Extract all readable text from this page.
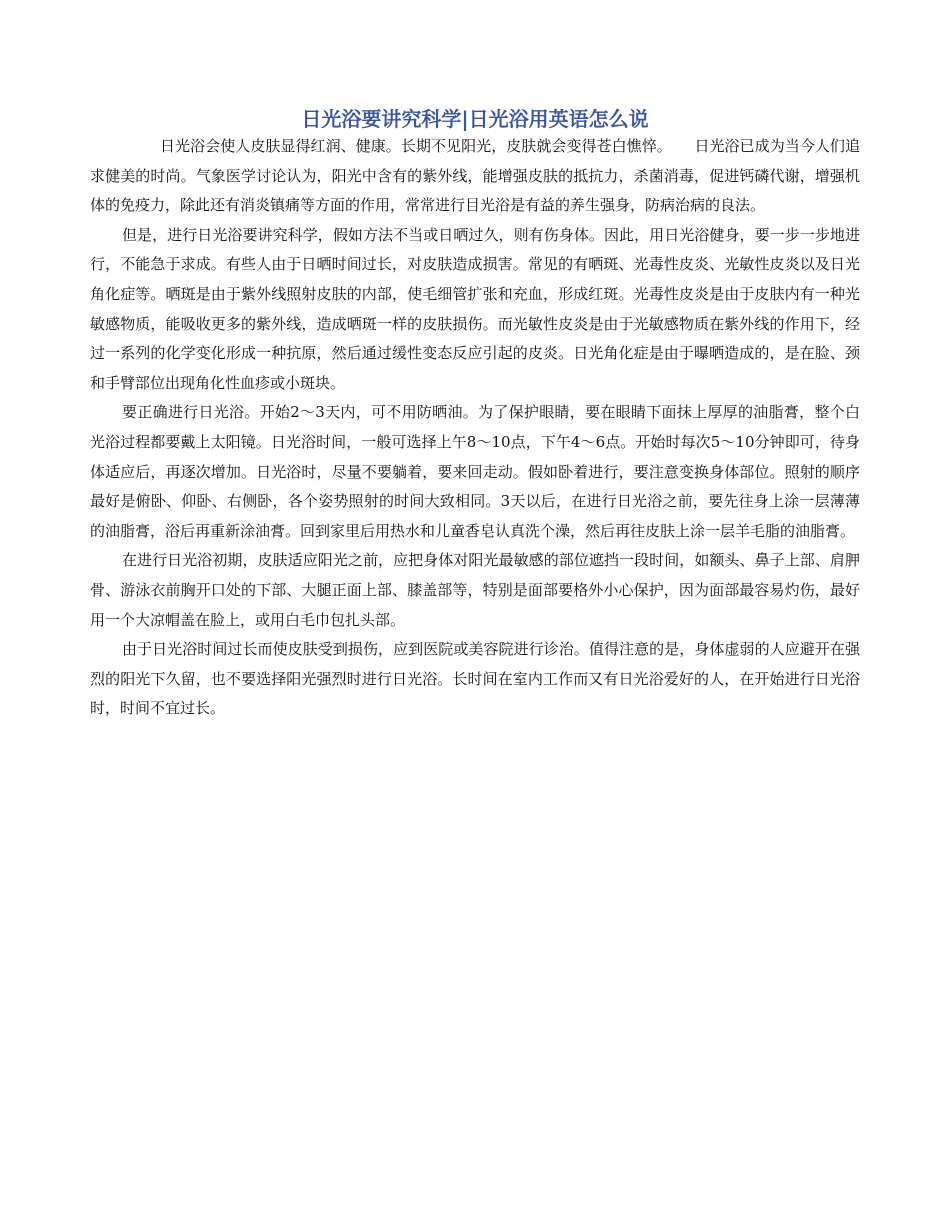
日光浴要讲究科学|日光浴用英语怎么说

日光浴会使人皮肤显得红润、健康。长期不见阳光，皮肤就会变得苍白憔悴。　　日光浴已成为当今人们追求健美的时尚。气象医学讨论认为，阳光中含有的紫外线，能增强皮肤的抵抗力，杀菌消毒，促进钙磷代谢，增强机体的免疫力，除此还有消炎镇痛等方面的作用，常常进行目光浴是有益的养生强身，防病治病的良法。

但是，进行日光浴要讲究科学，假如方法不当或日晒过久，则有伤身体。因此，用日光浴健身，要一步一步地进行，不能急于求成。有些人由于日晒时间过长，对皮肤造成损害。常见的有晒斑、光毒性皮炎、光敏性皮炎以及日光角化症等。晒斑是由于紫外线照射皮肤的内部，使毛细管扩张和充血，形成红斑。光毒性皮炎是由于皮肤内有一种光敏感物质，能吸收更多的紫外线，造成晒斑一样的皮肤损伤。而光敏性皮炎是由于光敏感物质在紫外线的作用下，经过一系列的化学变化形成一种抗原，然后通过缓性变态反应引起的皮炎。日光角化症是由于曝晒造成的，是在脸、颈和手臂部位出现角化性血疹或小斑块。

要正确进行日光浴。开始2～3天内，可不用防晒油。为了保护眼睛，要在眼睛下面抹上厚厚的油脂膏，整个白光浴过程都要戴上太阳镜。日光浴时间，一般可选择上午8～10点，下午4～6点。开始时每次5～10分钟即可，待身体适应后，再逐次增加。日光浴时，尽量不要躺着，要来回走动。假如卧着进行，要注意变换身体部位。照射的顺序最好是俯卧、仰卧、右侧卧，各个姿势照射的时间大致相同。3天以后，在进行日光浴之前，要先往身上涂一层薄薄的油脂膏，浴后再重新涂油膏。回到家里后用热水和儿童香皂认真洗个澡，然后再往皮肤上涂一层羊毛脂的油脂膏。

在进行日光浴初期，皮肤适应阳光之前，应把身体对阳光最敏感的部位遮挡一段时间，如额头、鼻子上部、肩胛骨、游泳衣前胸开口处的下部、大腿正面上部、膝盖部等，特别是面部要格外小心保护，因为面部最容易灼伤，最好用一个大凉帽盖在脸上，或用白毛巾包扎头部。

由于日光浴时间过长而使皮肤受到损伤，应到医院或美容院进行诊治。值得注意的是，身体虚弱的人应避开在强烈的阳光下久留，也不要选择阳光强烈时进行日光浴。长时间在室内工作而又有日光浴爱好的人，在开始进行日光浴时，时间不宜过长。
